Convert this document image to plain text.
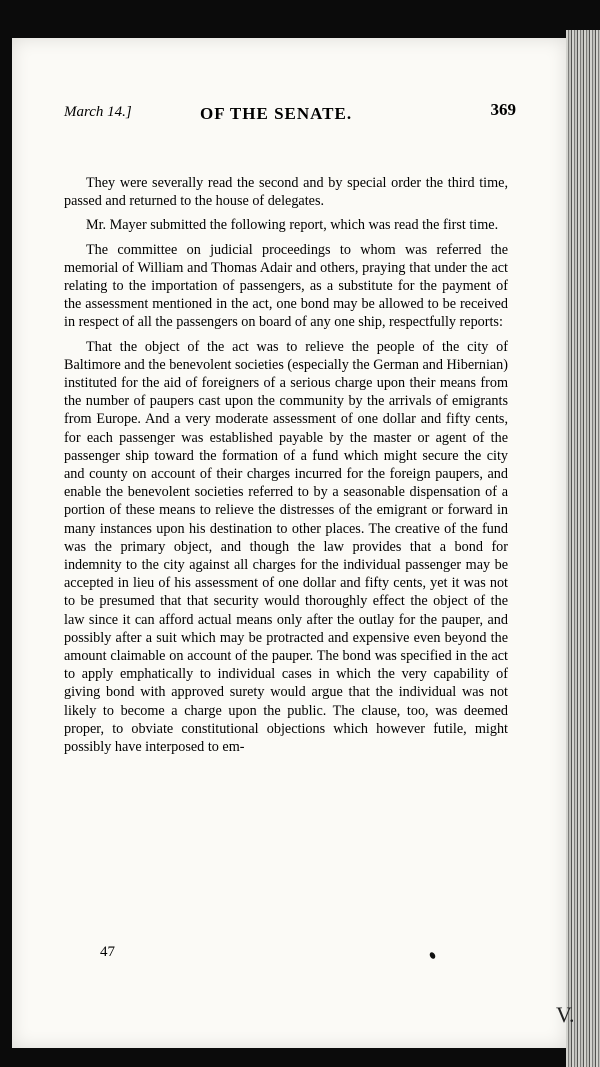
March 14.]	OF THE SENATE.	369

They were severally read the second and by special order the third time, passed and returned to the house of delegates.

Mr. Mayer submitted the following report, which was read the first time.

The committee on judicial proceedings to whom was referred the memorial of William and Thomas Adair and others, praying that under the act relating to the importation of passengers, as a substitute for the payment of the assessment mentioned in the act, one bond may be allowed to be received in respect of all the passengers on board of any one ship, respectfully reports:

That the object of the act was to relieve the people of the city of Baltimore and the benevolent societies (especially the German and Hibernian) instituted for the aid of foreigners of a serious charge upon their means from the number of paupers cast upon the community by the arrivals of emigrants from Europe. And a very moderate assessment of one dollar and fifty cents, for each passenger was established payable by the master or agent of the passenger ship toward the formation of a fund which might secure the city and county on account of their charges incurred for the foreign paupers, and enable the benevolent societies referred to by a seasonable dispensation of a portion of these means to relieve the distresses of the emigrant or forward in many instances upon his destination to other places. The creative of the fund was the primary object, and though the law provides that a bond for indemnity to the city against all charges for the individual passenger may be accepted in lieu of his assessment of one dollar and fifty cents, yet it was not to be presumed that that security would thoroughly effect the object of the law since it can afford actual means only after the outlay for the pauper, and possibly after a suit which may be protracted and expensive even beyond the amount claimable on account of the pauper. The bond was specified in the act to apply emphatically to individual cases in which the very capability of giving bond with approved surety would argue that the individual was not likely to become a charge upon the public. The clause, too, was deemed proper, to obviate constitutional objections which however futile, might possibly have interposed to em-

47
V.
